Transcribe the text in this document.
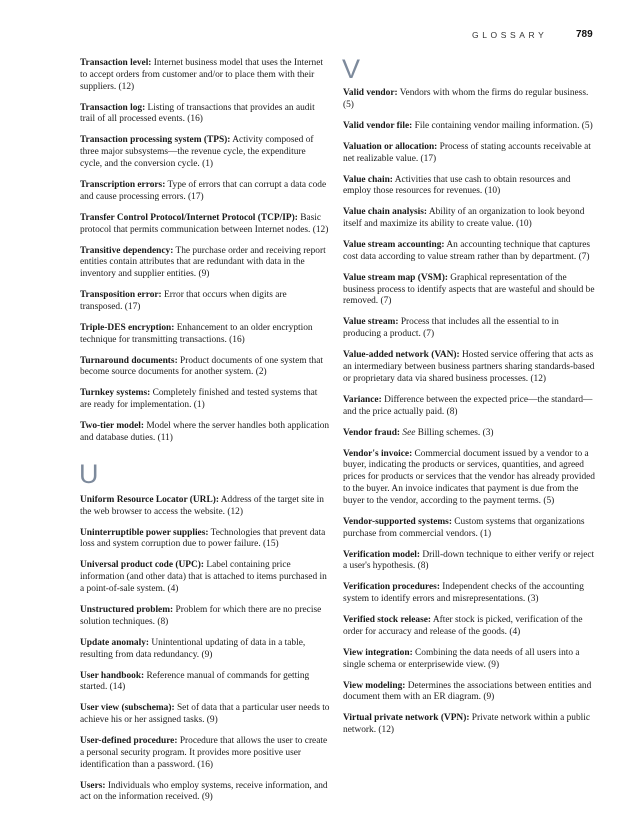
GLOSSARY	789

Transaction level: Internet business model that uses the Internet to accept orders from customer and/or to place them with their suppliers. (12)

Transaction log: Listing of transactions that provides an audit trail of all processed events. (16)

Transaction processing system (TPS): Activity composed of three major subsystems—the revenue cycle, the expenditure cycle, and the conversion cycle. (1)

Transcription errors: Type of errors that can corrupt a data code and cause processing errors. (17)

Transfer Control Protocol/Internet Protocol (TCP/IP): Basic protocol that permits communication between Internet nodes. (12)

Transitive dependency: The purchase order and receiving report entities contain attributes that are redundant with data in the inventory and supplier entities. (9)

Transposition error: Error that occurs when digits are transposed. (17)

Triple-DES encryption: Enhancement to an older encryption technique for transmitting transactions. (16)

Turnaround documents: Product documents of one system that become source documents for another system. (2)

Turnkey systems: Completely finished and tested systems that are ready for implementation. (1)

Two-tier model: Model where the server handles both application and database duties. (11)

U

Uniform Resource Locator (URL): Address of the target site in the web browser to access the website. (12)

Uninterruptible power supplies: Technologies that prevent data loss and system corruption due to power failure. (15)

Universal product code (UPC): Label containing price information (and other data) that is attached to items purchased in a point-of-sale system. (4)

Unstructured problem: Problem for which there are no precise solution techniques. (8)

Update anomaly: Unintentional updating of data in a table, resulting from data redundancy. (9)

User handbook: Reference manual of commands for getting started. (14)

User view (subschema): Set of data that a particular user needs to achieve his or her assigned tasks. (9)

User-defined procedure: Procedure that allows the user to create a personal security program. It provides more positive user identification than a password. (16)

Users: Individuals who employ systems, receive information, and act on the information received. (9)

V

Valid vendor: Vendors with whom the firms do regular business. (5)

Valid vendor file: File containing vendor mailing information. (5)

Valuation or allocation: Process of stating accounts receivable at net realizable value. (17)

Value chain: Activities that use cash to obtain resources and employ those resources for revenues. (10)

Value chain analysis: Ability of an organization to look beyond itself and maximize its ability to create value. (10)

Value stream accounting: An accounting technique that captures cost data according to value stream rather than by department. (7)

Value stream map (VSM): Graphical representation of the business process to identify aspects that are wasteful and should be removed. (7)

Value stream: Process that includes all the essential to in producing a product. (7)

Value-added network (VAN): Hosted service offering that acts as an intermediary between business partners sharing standards-based or proprietary data via shared business processes. (12)

Variance: Difference between the expected price—the standard—and the price actually paid. (8)

Vendor fraud: See Billing schemes. (3)

Vendor's invoice: Commercial document issued by a vendor to a buyer, indicating the products or services, quantities, and agreed prices for products or services that the vendor has already provided to the buyer. An invoice indicates that payment is due from the buyer to the vendor, according to the payment terms. (5)

Vendor-supported systems: Custom systems that organizations purchase from commercial vendors. (1)

Verification model: Drill-down technique to either verify or reject a user's hypothesis. (8)

Verification procedures: Independent checks of the accounting system to identify errors and misrepresentations. (3)

Verified stock release: After stock is picked, verification of the order for accuracy and release of the goods. (4)

View integration: Combining the data needs of all users into a single schema or enterprisewide view. (9)

View modeling: Determines the associations between entities and document them with an ER diagram. (9)

Virtual private network (VPN): Private network within a public network. (12)
